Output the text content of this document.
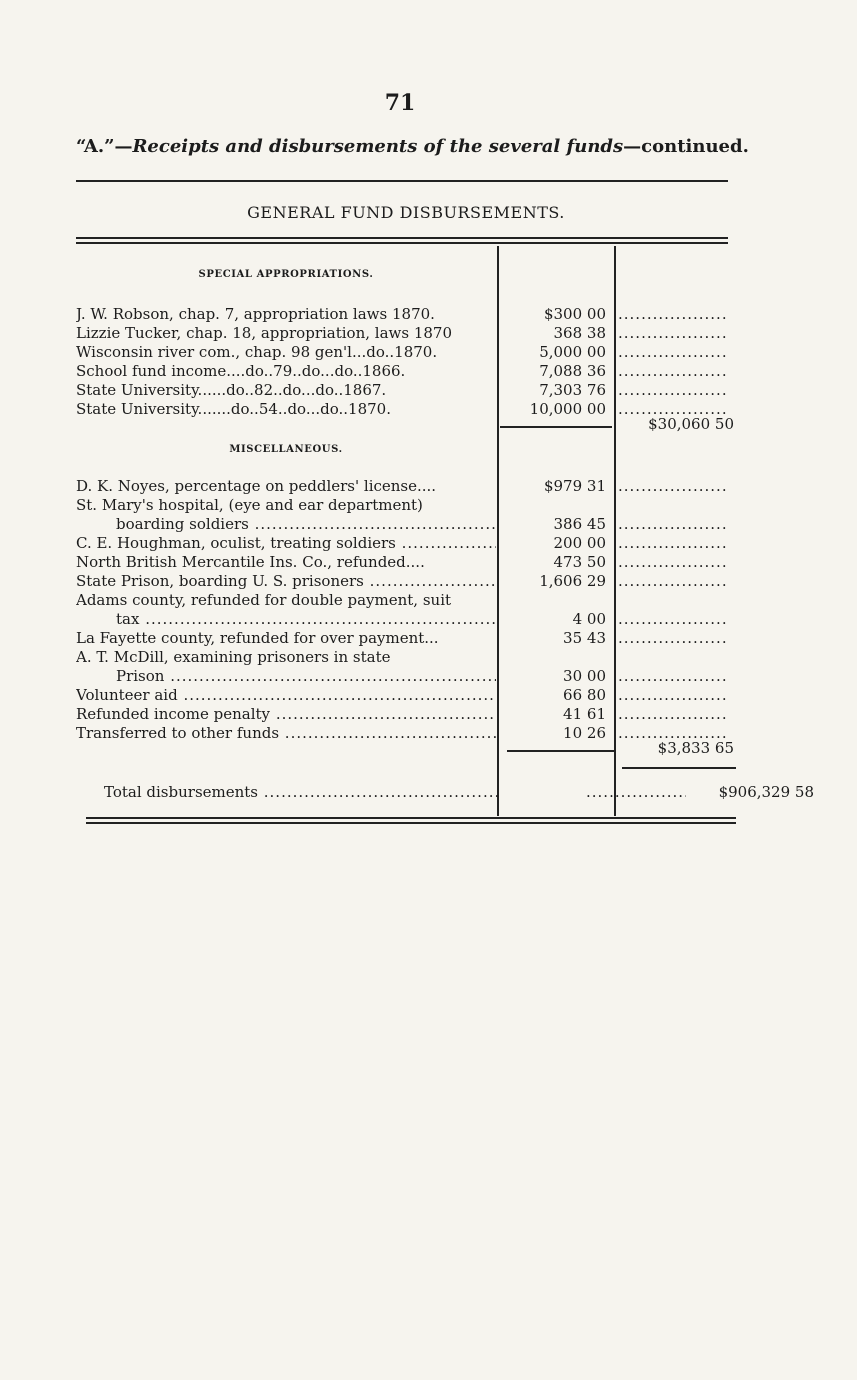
71
“A.”—Receipts and disbursements of the several funds—continued.
GENERAL FUND DISBURSEMENTS.
SPECIAL APPROPRIATIONS.
J. W. Robson, chap. 7, appropriation laws 1870.	$300 00
.....
Lizzie Tucker, chap. 18, appropriation, laws 1870	368 38
.....
Wisconsin river com., chap. 98 gen'l...do..1870.	5,000 00
.....
School fund income....do..79..do...do..1866.	7,088 36
.....
State University......do..82..do...do..1867.	7,303 76
.....
State University.......do..54..do...do..1870.	10,000 00
.....
$30,060 50
MISCELLANEOUS.
D. K. Noyes, percentage on peddlers' license....	$979 31
.....
St. Mary's hospital, (eye and ear department)
boarding soldiers .....	386 45
.....
C. E. Houghman, oculist, treating soldiers .....	200 00
.....
North British Mercantile Ins. Co., refunded....	473 50
.....
State Prison, boarding U. S. prisoners .....	1,606 29
.....
Adams county, refunded for double payment, suit
tax .....	4 00
.....
La Fayette county, refunded for over payment...	35 43
.....
A. T. McDill, examining prisoners in state
Prison .....	30 00
.....
Volunteer aid .....	66 80
.....
Refunded income penalty .....	41 61
.....
Transferred to other funds .....	10 26
.....
$3,833 65
Total disbursements ..... .....	$906,329 58
